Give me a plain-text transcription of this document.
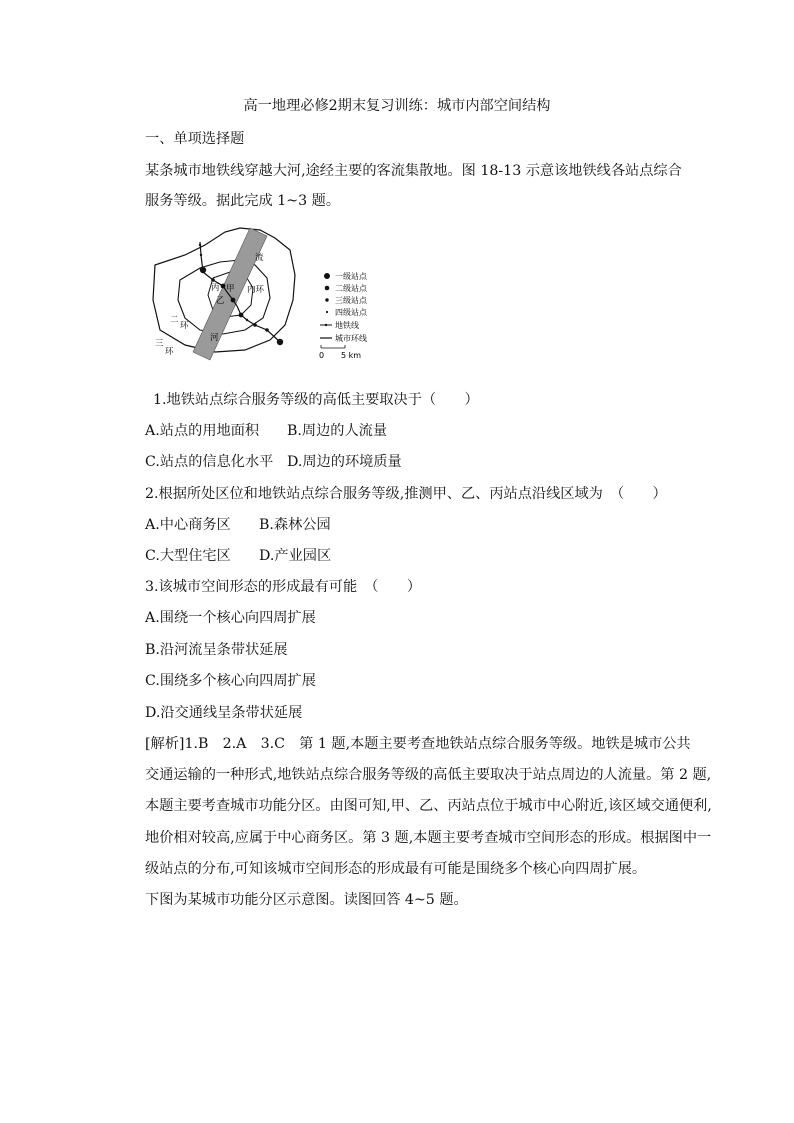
高一地理必修2期末复习训练：城市内部空间结构
一、单项选择题
某条城市地铁线穿越大河,途经主要的客流集散地。图 18-13 示意该地铁线各站点综合
服务等级。据此完成 1~3 题。
流
丙 甲
乙
内环
二
环
三
环
河
一级站点
二级站点
三级站点
四级站点
地铁线
城市环线
0 5 km
1.地铁站点综合服务等级的高低主要取决于（　　）
A.站点的用地面积 B.周边的人流量
C.站点的信息化水平 D.周边的环境质量
2.根据所处区位和地铁站点综合服务等级,推测甲、乙、丙站点沿线区域为　（　　）
A.中心商务区 B.森林公园
C.大型住宅区 D.产业园区
3.该城市空间形态的形成最有可能　（　　）
A.围绕一个核心向四周扩展
B.沿河流呈条带状延展
C.围绕多个核心向四周扩展
D.沿交通线呈条带状延展
[解析]1.B　2.A　3.C　第 1 题,本题主要考查地铁站点综合服务等级。地铁是城市公共
交通运输的一种形式,地铁站点综合服务等级的高低主要取决于站点周边的人流量。第 2 题,
本题主要考查城市功能分区。由图可知,甲、乙、丙站点位于城市中心附近,该区域交通便利,
地价相对较高,应属于中心商务区。第 3 题,本题主要考查城市空间形态的形成。根据图中一
级站点的分布,可知该城市空间形态的形成最有可能是围绕多个核心向四周扩展。
下图为某城市功能分区示意图。读图回答 4~5 题。
